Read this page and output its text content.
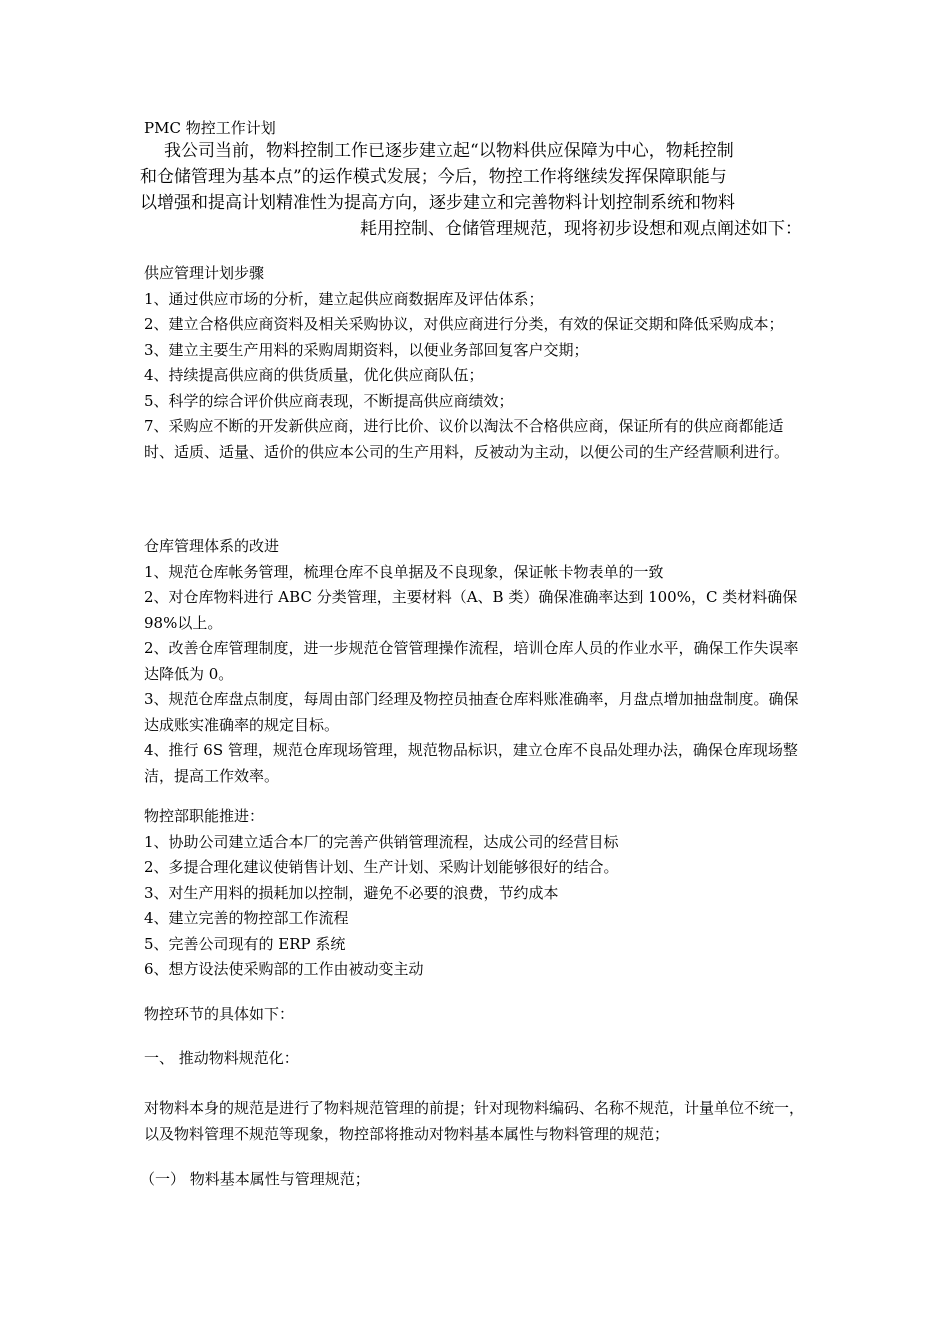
PMC 物控工作计划
我公司当前，物料控制工作已逐步建立起“以物料供应保障为中心，物耗控制
和仓储管理为基本点”的运作模式发展；今后，物控工作将继续发挥保障职能与
以增强和提高计划精准性为提高方向，逐步建立和完善物料计划控制系统和物料
耗用控制、仓储管理规范，现将初步设想和观点阐述如下：

供应管理计划步骤

1、通过供应市场的分析，建立起供应商数据库及评估体系；

2、建立合格供应商资料及相关采购协议，对供应商进行分类，有效的保证交期和降低采购成本；

3、建立主要生产用料的采购周期资料，以便业务部回复客户交期；

4、持续提高供应商的供货质量，优化供应商队伍；

5、科学的综合评价供应商表现，不断提高供应商绩效；

7、采购应不断的开发新供应商，进行比价、议价以淘汰不合格供应商，保证所有的供应商都能适时、适质、适量、适价的供应本公司的生产用料，反被动为主动，以便公司的生产经营顺利进行。

仓库管理体系的改进

1、规范仓库帐务管理，梳理仓库不良单据及不良现象，保证帐卡物表单的一致

2、对仓库物料进行 ABC 分类管理，主要材料（A、B 类）确保准确率达到 100%，C 类材料确保 98%以上。

2、改善仓库管理制度，进一步规范仓管管理操作流程，培训仓库人员的作业水平，确保工作失误率达降低为 0。

3、规范仓库盘点制度，每周由部门经理及物控员抽查仓库料账准确率，月盘点增加抽盘制度。确保达成账实准确率的规定目标。

4、推行 6S 管理，规范仓库现场管理，规范物品标识，建立仓库不良品处理办法，确保仓库现场整洁，提高工作效率。

物控部职能推进：

1、协助公司建立适合本厂的完善产供销管理流程，达成公司的经营目标

2、多提合理化建议使销售计划、生产计划、采购计划能够很好的结合。

3、对生产用料的损耗加以控制，避免不必要的浪费，节约成本

4、建立完善的物控部工作流程

5、完善公司现有的 ERP 系统

6、想方设法使采购部的工作由被动变主动

物控环节的具体如下：

一、 推动物料规范化：

对物料本身的规范是进行了物料规范管理的前提；针对现物料编码、名称不规范，计量单位不统一，以及物料管理不规范等现象，物控部将推动对物料基本属性与物料管理的规范；

（一） 物料基本属性与管理规范；
